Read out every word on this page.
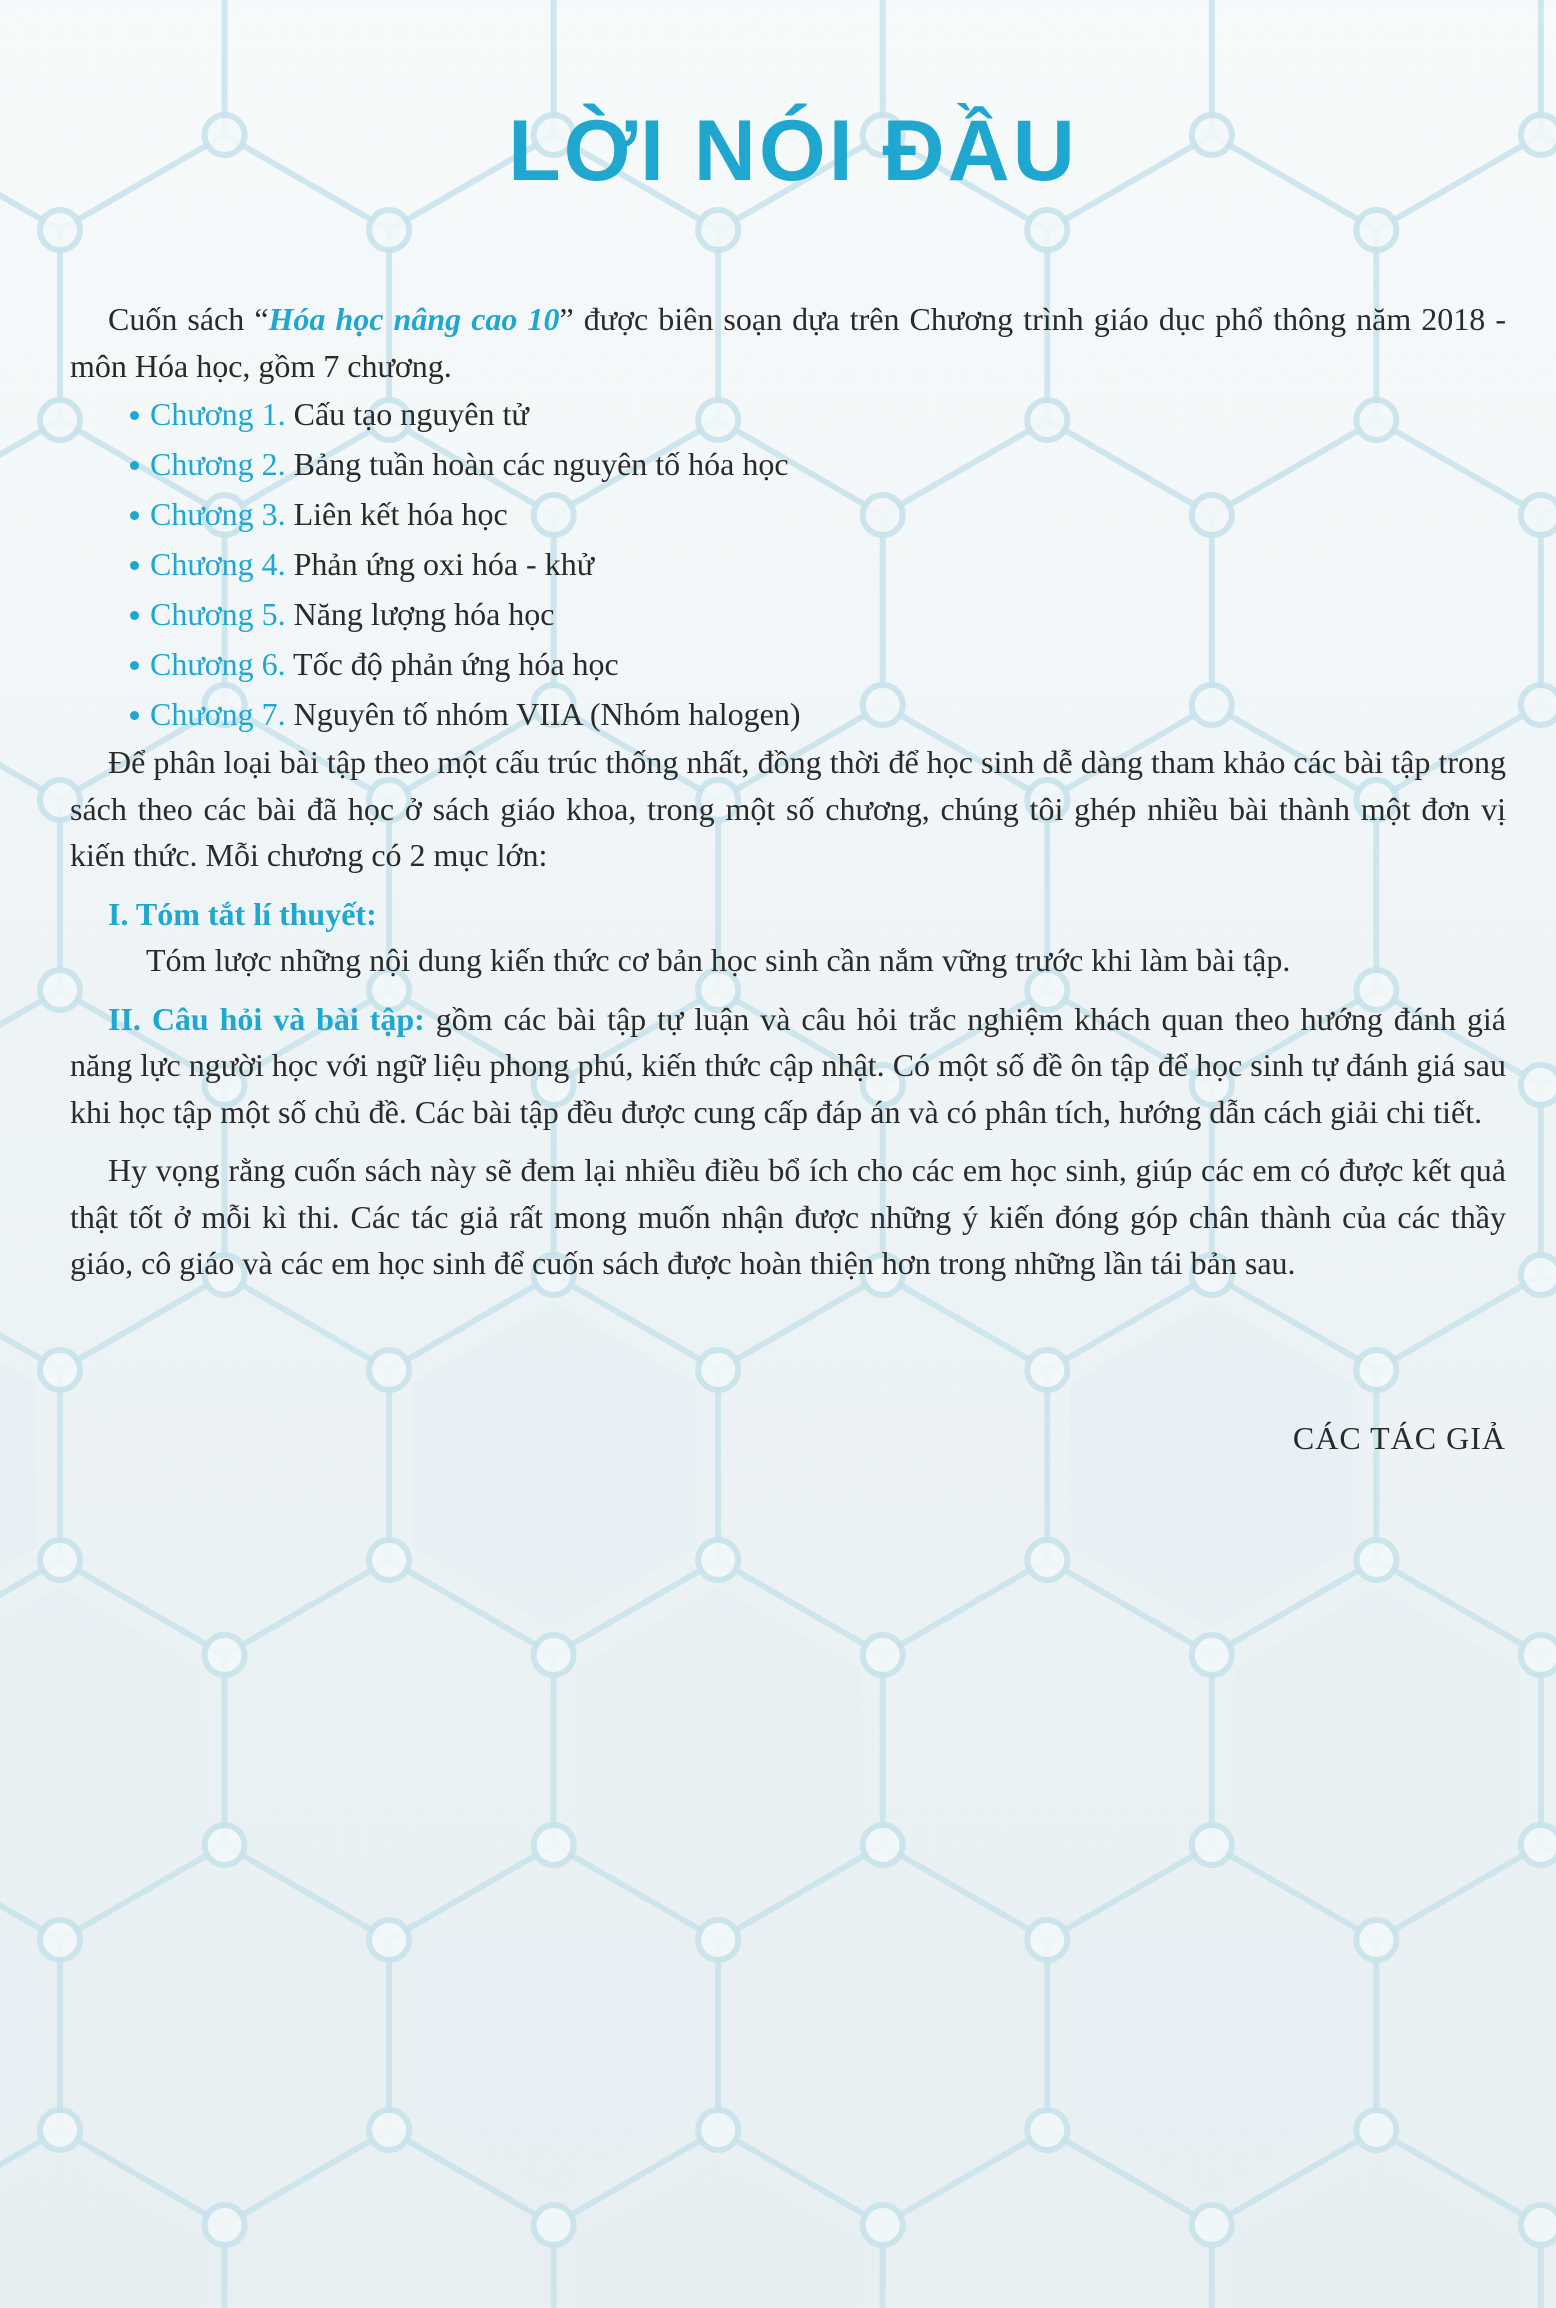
LỜI NÓI ĐẦU

Cuốn sách “Hóa học nâng cao 10” được biên soạn dựa trên Chương trình giáo dục phổ thông năm 2018 - môn Hóa học, gồm 7 chương.

Chương 1. Cấu tạo nguyên tử
Chương 2. Bảng tuần hoàn các nguyên tố hóa học
Chương 3. Liên kết hóa học
Chương 4. Phản ứng oxi hóa - khử
Chương 5. Năng lượng hóa học
Chương 6. Tốc độ phản ứng hóa học
Chương 7. Nguyên tố nhóm VIIA (Nhóm halogen)

Để phân loại bài tập theo một cấu trúc thống nhất, đồng thời để học sinh dễ dàng tham khảo các bài tập trong sách theo các bài đã học ở sách giáo khoa, trong một số chương, chúng tôi ghép nhiều bài thành một đơn vị kiến thức. Mỗi chương có 2 mục lớn:

I. Tóm tắt lí thuyết:

Tóm lược những nội dung kiến thức cơ bản học sinh cần nắm vững trước khi làm bài tập.

II. Câu hỏi và bài tập: gồm các bài tập tự luận và câu hỏi trắc nghiệm khách quan theo hướng đánh giá năng lực người học với ngữ liệu phong phú, kiến thức cập nhật. Có một số đề ôn tập để học sinh tự đánh giá sau khi học tập một số chủ đề. Các bài tập đều được cung cấp đáp án và có phân tích, hướng dẫn cách giải chi tiết.

Hy vọng rằng cuốn sách này sẽ đem lại nhiều điều bổ ích cho các em học sinh, giúp các em có được kết quả thật tốt ở mỗi kì thi. Các tác giả rất mong muốn nhận được những ý kiến đóng góp chân thành của các thầy giáo, cô giáo và các em học sinh để cuốn sách được hoàn thiện hơn trong những lần tái bản sau.

CÁC TÁC GIẢ
